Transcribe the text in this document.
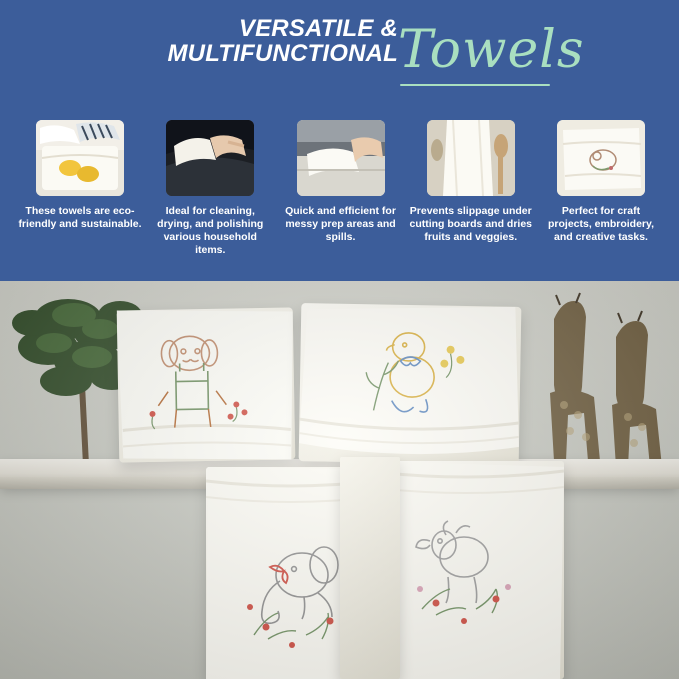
VERSATILE & MULTIFUNCTIONAL Towels
These towels are eco-friendly and sustainable.
Ideal for cleaning, drying, and polishing various household items.
Quick and efficient for messy prep areas and spills.
Prevents slippage under cutting boards and dries fruits and veggies.
Perfect for craft projects, embroidery, and creative tasks.
